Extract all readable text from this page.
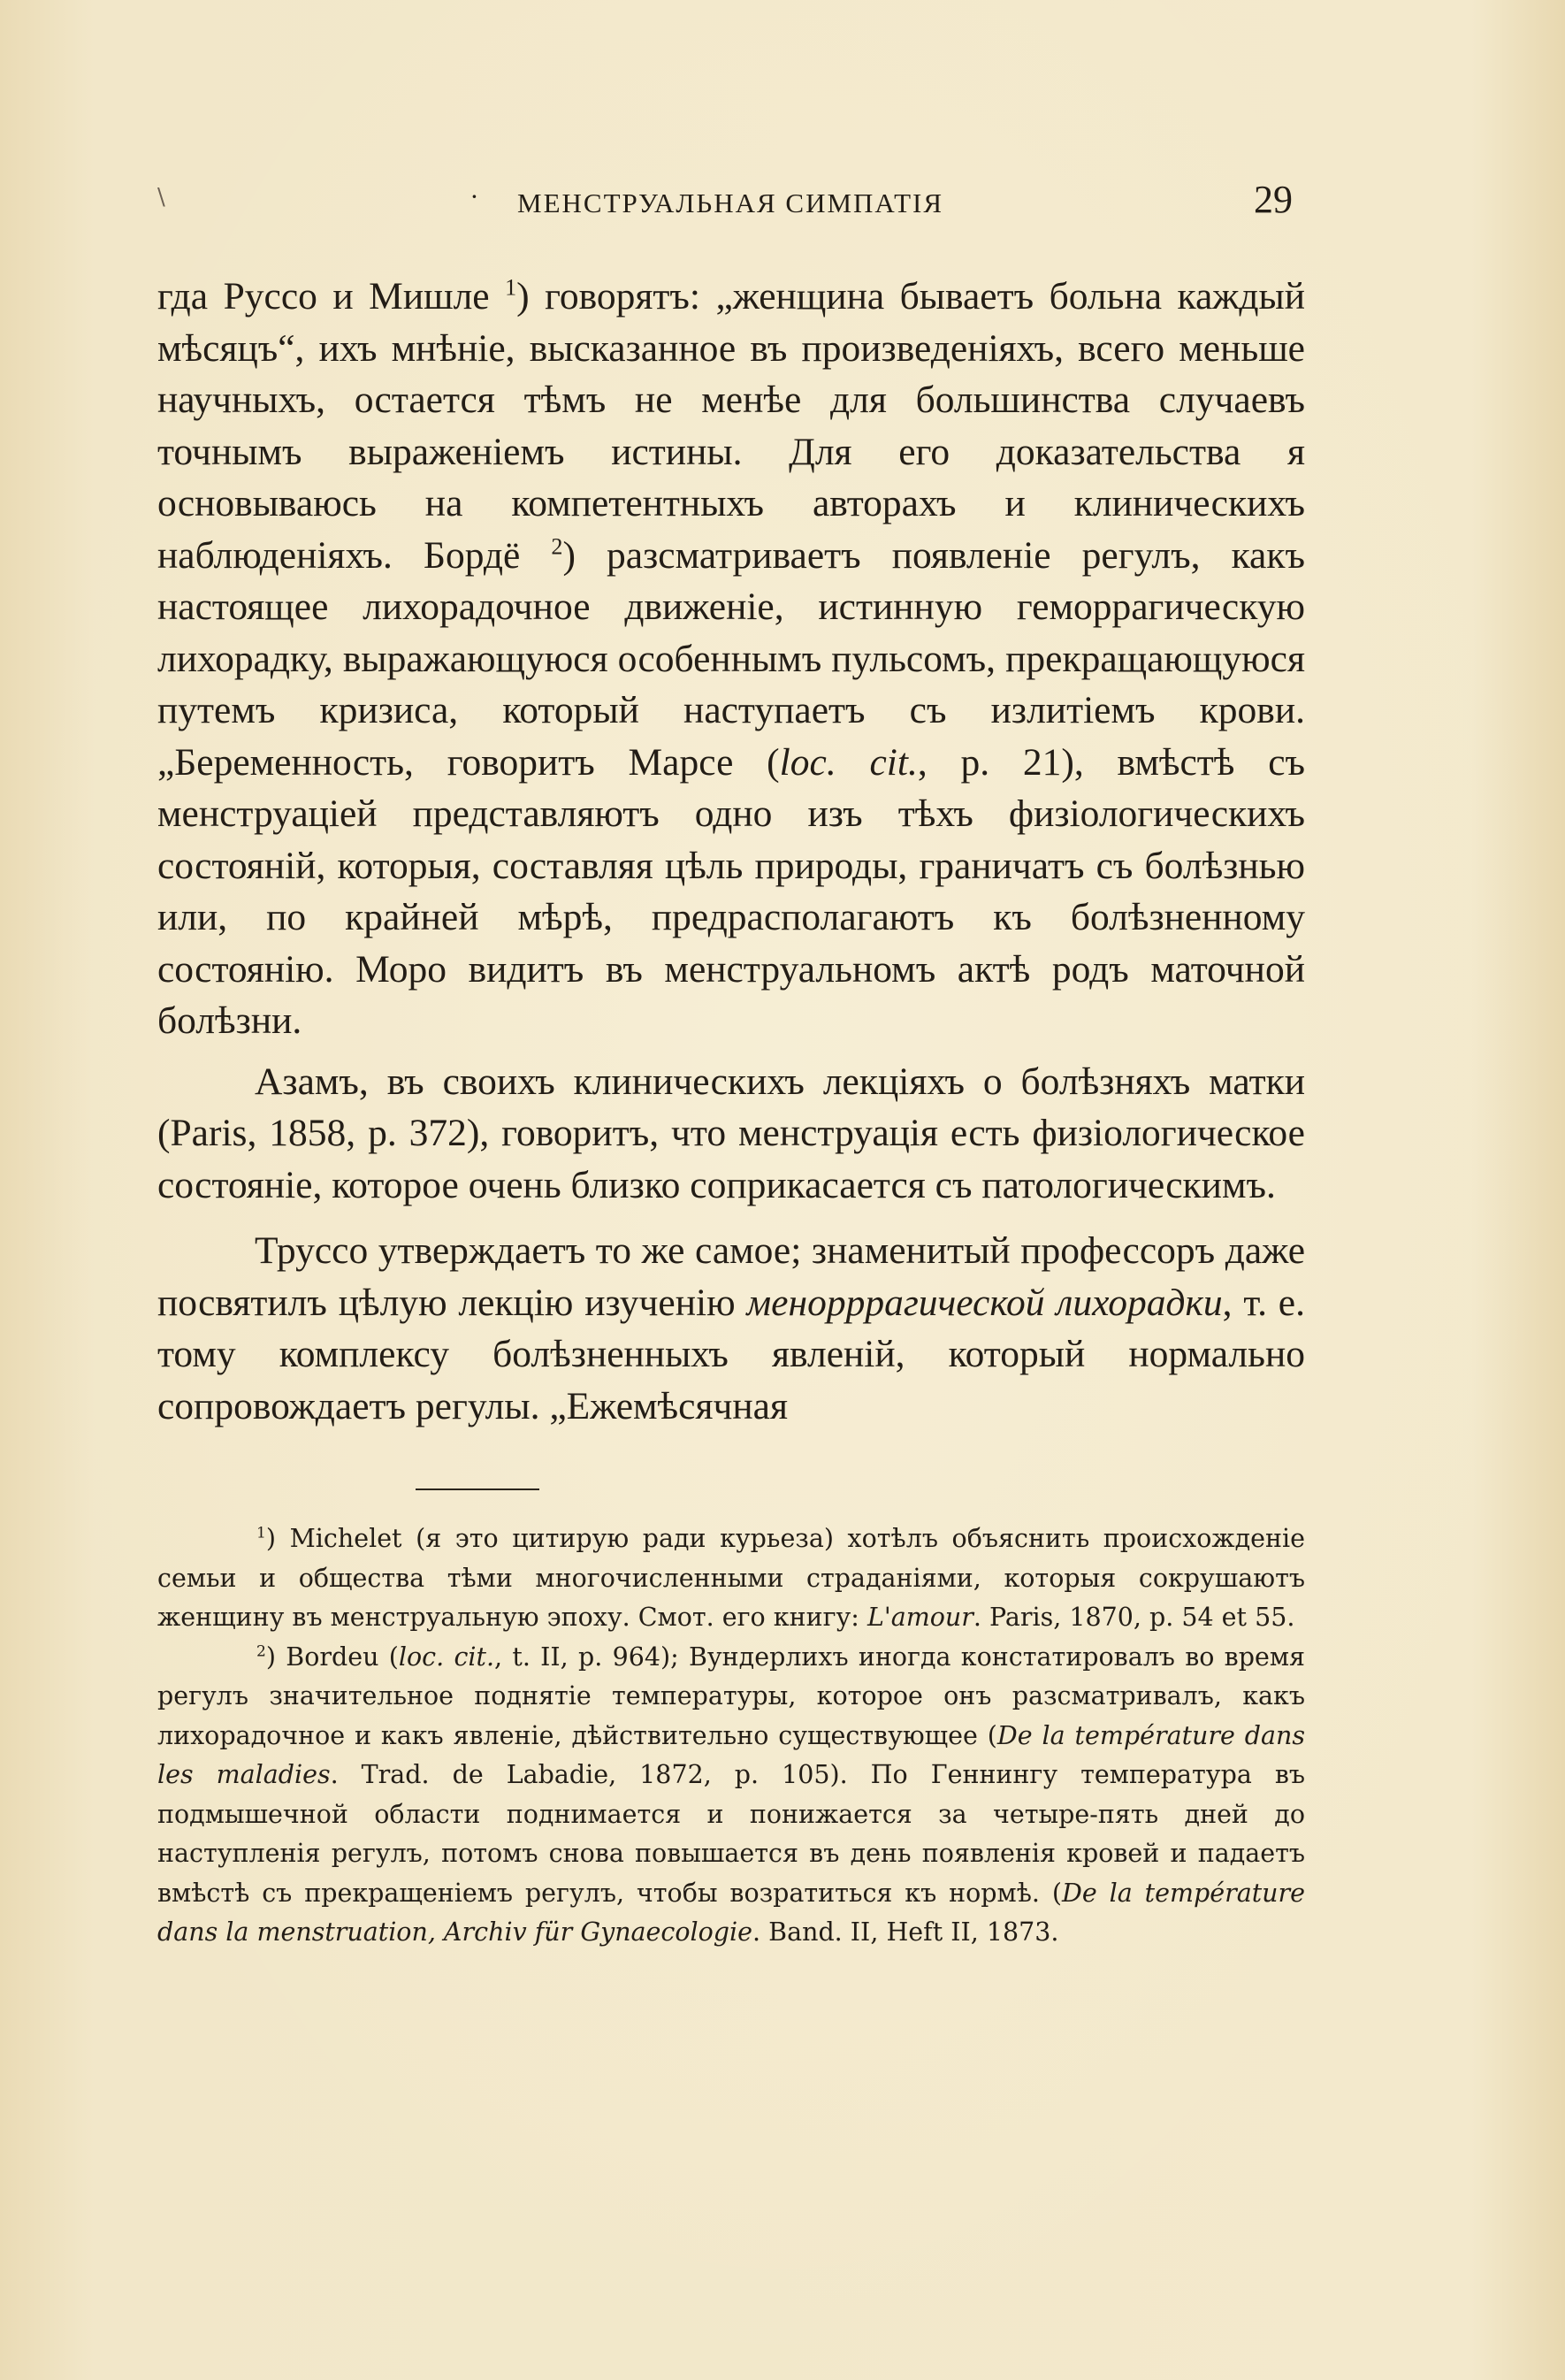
\	· МЕНСТРУАЛЬНАЯ СИМПАТІЯ	29

гда Руссо и Мишле $^1$) говорятъ: „женщина бываетъ больна каждый мѣсяцъ“, ихъ мнѣніе, высказанное въ произведеніяхъ, всего меньше научныхъ, остается тѣмъ не менѣе для большинства случаевъ точнымъ выраженіемъ истины. Для его доказательства я основываюсь на компетентныхъ авторахъ и клиническихъ наблюденіяхъ. Бордё $^2$) разсматриваетъ появленіе регулъ, какъ настоящее лихорадочное движеніе, истинную геморрагическую лихорадку, выражающуюся особеннымъ пульсомъ, прекращающуюся путемъ кризиса, который наступаетъ съ излитіемъ крови. „Беременность, говоритъ Марсе (loc. cit., p. 21), вмѣстѣ съ менструаціей представляютъ одно изъ тѣхъ физіологическихъ состояній, которыя, составляя цѣль природы, граничатъ съ болѣзнью или, по крайней мѣрѣ, предрасполагаютъ къ болѣзненному состоянію. Моро видитъ въ менструальномъ актѣ родъ маточной болѣзни.

Азамъ, въ своихъ клиническихъ лекціяхъ о болѣзняхъ матки (Paris, 1858, p. 372), говоритъ, что менструація есть физіологическое состояніе, которое очень близко соприкасается съ патологическимъ.

Труссо утверждаетъ то же самое; знаменитый профессоръ даже посвятилъ цѣлую лекцію изученію менорррагической лихорадки, т. е. тому комплексу болѣзненныхъ явленій, который нормально сопровождаетъ регулы. „Ежемѣсячная

$^1$) Michelet (я это цитирую ради курьеза) хотѣлъ объяснить происхожденіе семьи и общества тѣми многочисленными страданіями, которыя сокрушаютъ женщину въ менструальную эпоху. Смот. его книгу: L'amour. Paris, 1870, p. 54 et 55.

$^2$) Bordeu (loc. cit., t. II, p. 964); Вундерлихъ иногда констатировалъ во время регулъ значительное поднятіе температуры, которое онъ разсматривалъ, какъ лихорадочное и какъ явленіе, дѣйствительно существующее (De la température dans les maladies. Trad. de Labadie, 1872, p. 105). По Геннингу температура въ подмышечной области поднимается и понижается за четыре-пять дней до наступленія регулъ, потомъ снова повышается въ день появленія кровей и падаетъ вмѣстѣ съ прекращеніемъ регулъ, чтобы возратиться къ нормѣ. (De la température dans la menstruation, Archiv für Gynaecologie. Band. II, Heft II, 1873.
